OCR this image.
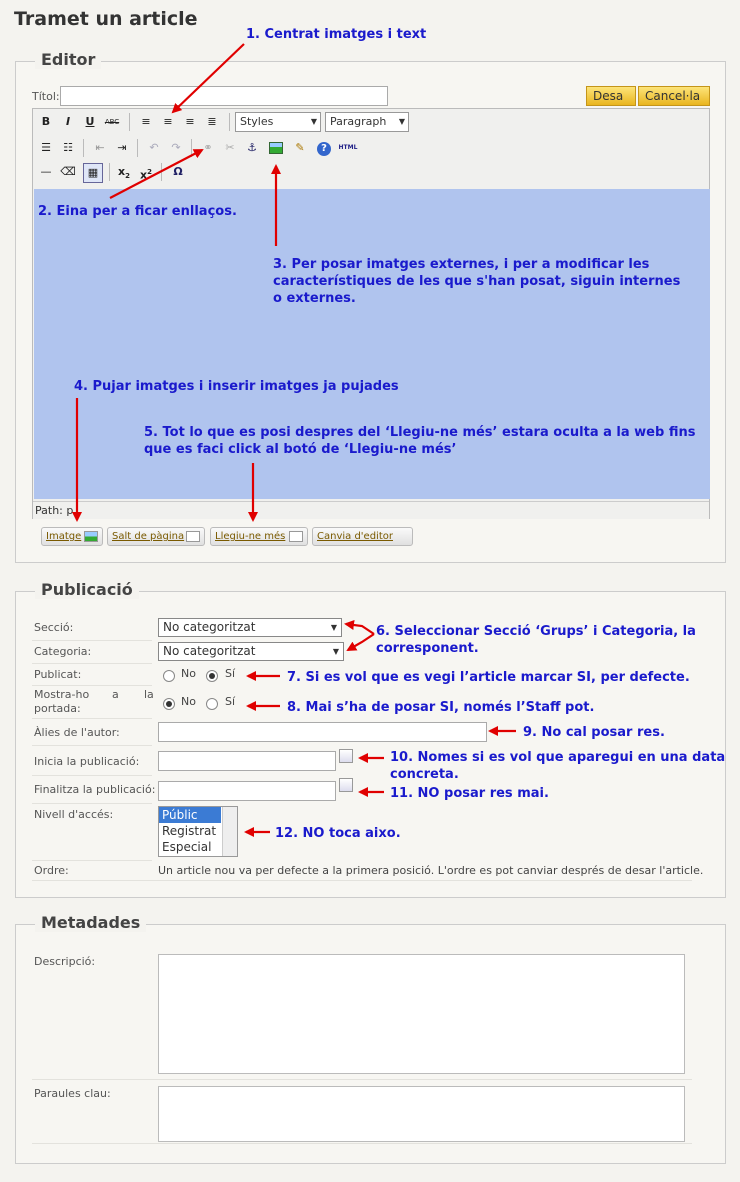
Tramet un article
Editor
Títol:	Desa	Cancel·la
B	I	U	ABC	≡	≡	≡	≣	Styles	▼	Paragraph ▼
☰	☷	⇤	⇥	↶	↷	⚭	✂	⚓	✎	?	HTML
— ⌫	▦	$x_2$ $x^2$	Ω
Path: p
Imatge	Salt de pàgina	Llegiu-ne més	Canvia d'editor
Publicació
Secció:	No categoritzat	▼
Categoria:	No categoritzat	▼
Publicat:	No	Sí
Mostra-ho a la

portada:
No	Sí
Àlies de l'autor:
Inicia la publicació:
Finalitza la publicació:
Nivell d'accés:	Públic
Registrat
Especial
Ordre:	Un article nou va per defecte a la primera posició. L'ordre es pot canviar després de desar l'article.
Metadades
Descripció:
Paraules clau:
1. Centrat imatges i text
2. Eina per a ficar enllaços.
3. Per posar imatges externes, i per a modificar les característiques de les que s'han posat, siguin internes o externes.
4. Pujar imatges i inserir imatges ja pujades
5. Tot lo que es posi despres del ‘Llegiu-ne més’ estara oculta a la web fins que es faci click al botó de ‘Llegiu-ne més’
6. Seleccionar Secció ‘Grups’ i Categoria, la corresponent.
7. Si es vol que es vegi l’article marcar SI, per defecte.
8. Mai s’ha de posar SI, només l’Staff pot.
9. No cal posar res.
10. Nomes si es vol que aparegui en una data concreta.
11. NO posar res mai.
12. NO toca aixo.
